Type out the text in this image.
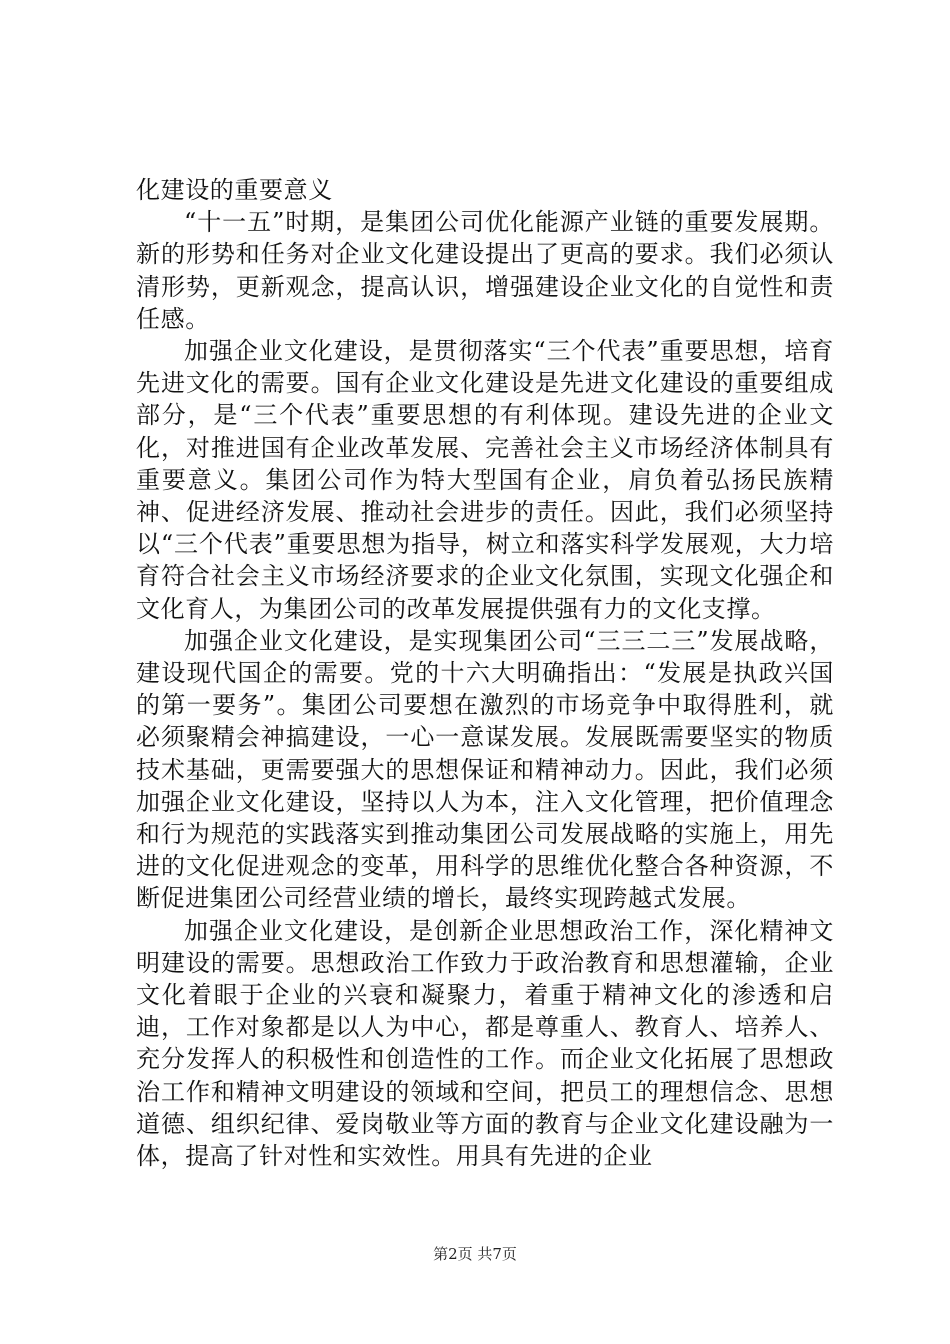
化建设的重要意义

“十一五”时期，是集团公司优化能源产业链的重要发展期。新的形势和任务对企业文化建设提出了更高的要求。我们必须认清形势，更新观念，提高认识，增强建设企业文化的自觉性和责任感。

加强企业文化建设，是贯彻落实“三个代表”重要思想，培育先进文化的需要。国有企业文化建设是先进文化建设的重要组成部分，是“三个代表”重要思想的有利体现。建设先进的企业文化，对推进国有企业改革发展、完善社会主义市场经济体制具有重要意义。集团公司作为特大型国有企业，肩负着弘扬民族精神、促进经济发展、推动社会进步的责任。因此，我们必须坚持以“三个代表”重要思想为指导，树立和落实科学发展观，大力培育符合社会主义市场经济要求的企业文化氛围，实现文化强企和文化育人，为集团公司的改革发展提供强有力的文化支撑。

加强企业文化建设，是实现集团公司“三三二三”发展战略，建设现代国企的需要。党的十六大明确指出：“发展是执政兴国的第一要务”。集团公司要想在激烈的市场竞争中取得胜利，就必须聚精会神搞建设，一心一意谋发展。发展既需要坚实的物质技术基础，更需要强大的思想保证和精神动力。因此，我们必须加强企业文化建设，坚持以人为本，注入文化管理，把价值理念和行为规范的实践落实到推动集团公司发展战略的实施上，用先进的文化促进观念的变革，用科学的思维优化整合各种资源，不断促进集团公司经营业绩的增长，最终实现跨越式发展。

加强企业文化建设，是创新企业思想政治工作，深化精神文明建设的需要。思想政治工作致力于政治教育和思想灌输，企业文化着眼于企业的兴衰和凝聚力，着重于精神文化的渗透和启迪，工作对象都是以人为中心，都是尊重人、教育人、培养人、充分发挥人的积极性和创造性的工作。而企业文化拓展了思想政治工作和精神文明建设的领域和空间，把员工的理想信念、思想道德、组织纪律、爱岗敬业等方面的教育与企业文化建设融为一体，提高了针对性和实效性。用具有先进的企业

第2页 共7页
